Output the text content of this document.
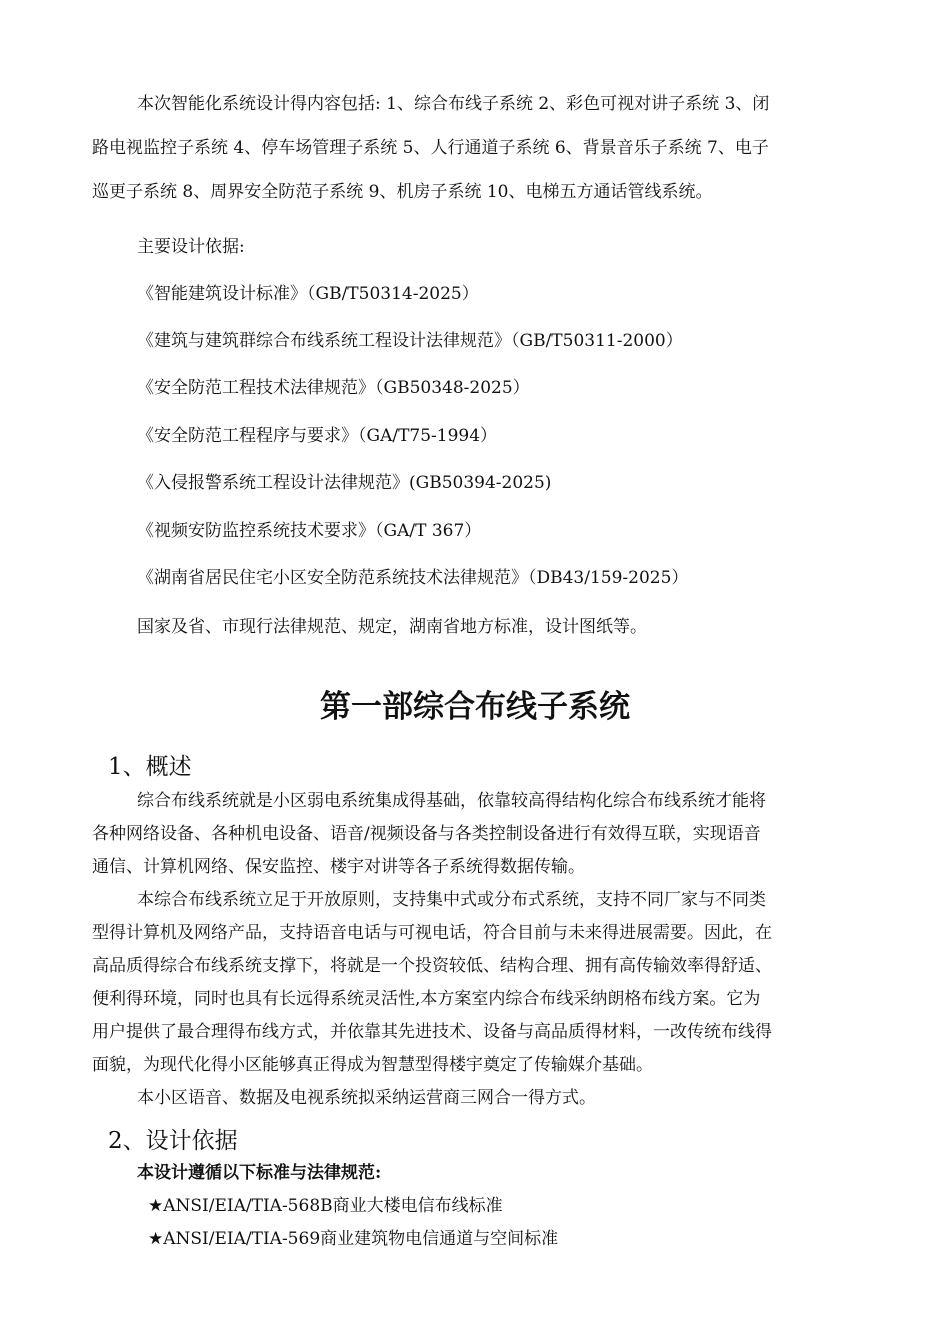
本次智能化系统设计得内容包括: 1、综合布线子系统 2、彩色可视对讲子系统 3、闭
路电视监控子系统 4、停车场管理子系统 5、人行通道子系统 6、背景音乐子系统 7、电子
巡更子系统 8、周界安全防范子系统 9、机房子系统 10、电梯五方通话管线系统。
主要设计依据:
《智能建筑设计标准》（GB/T50314-2025）
《建筑与建筑群综合布线系统工程设计法律规范》（GB/T50311-2000）
《安全防范工程技术法律规范》（GB50348-2025）
《安全防范工程程序与要求》（GA/T75-1994）
《入侵报警系统工程设计法律规范》(GB50394-2025)
《视频安防监控系统技术要求》（GA/T 367）
《湖南省居民住宅小区安全防范系统技术法律规范》（DB43/159-2025）
国家及省、市现行法律规范、规定，湖南省地方标准，设计图纸等。
第一部综合布线子系统
1、概述
综合布线系统就是小区弱电系统集成得基础，依靠较高得结构化综合布线系统才能将
各种网络设备、各种机电设备、语音/视频设备与各类控制设备进行有效得互联，实现语音
通信、计算机网络、保安监控、楼宇对讲等各子系统得数据传输。
本综合布线系统立足于开放原则，支持集中式或分布式系统，支持不同厂家与不同类
型得计算机及网络产品，支持语音电话与可视电话，符合目前与未来得进展需要。因此，在
高品质得综合布线系统支撑下，将就是一个投资较低、结构合理、拥有高传输效率得舒适、
便利得环境，同时也具有长远得系统灵活性,本方案室内综合布线采纳朗格布线方案。它为
用户提供了最合理得布线方式，并依靠其先进技术、设备与高品质得材料，一改传统布线得
面貌，为现代化得小区能够真正得成为智慧型得楼宇奠定了传输媒介基础。
本小区语音、数据及电视系统拟采纳运营商三网合一得方式。
2、设计依据
本设计遵循以下标准与法律规范:
★ANSI/EIA/TIA-568B商业大楼电信布线标准
★ANSI/EIA/TIA-569商业建筑物电信通道与空间标准
